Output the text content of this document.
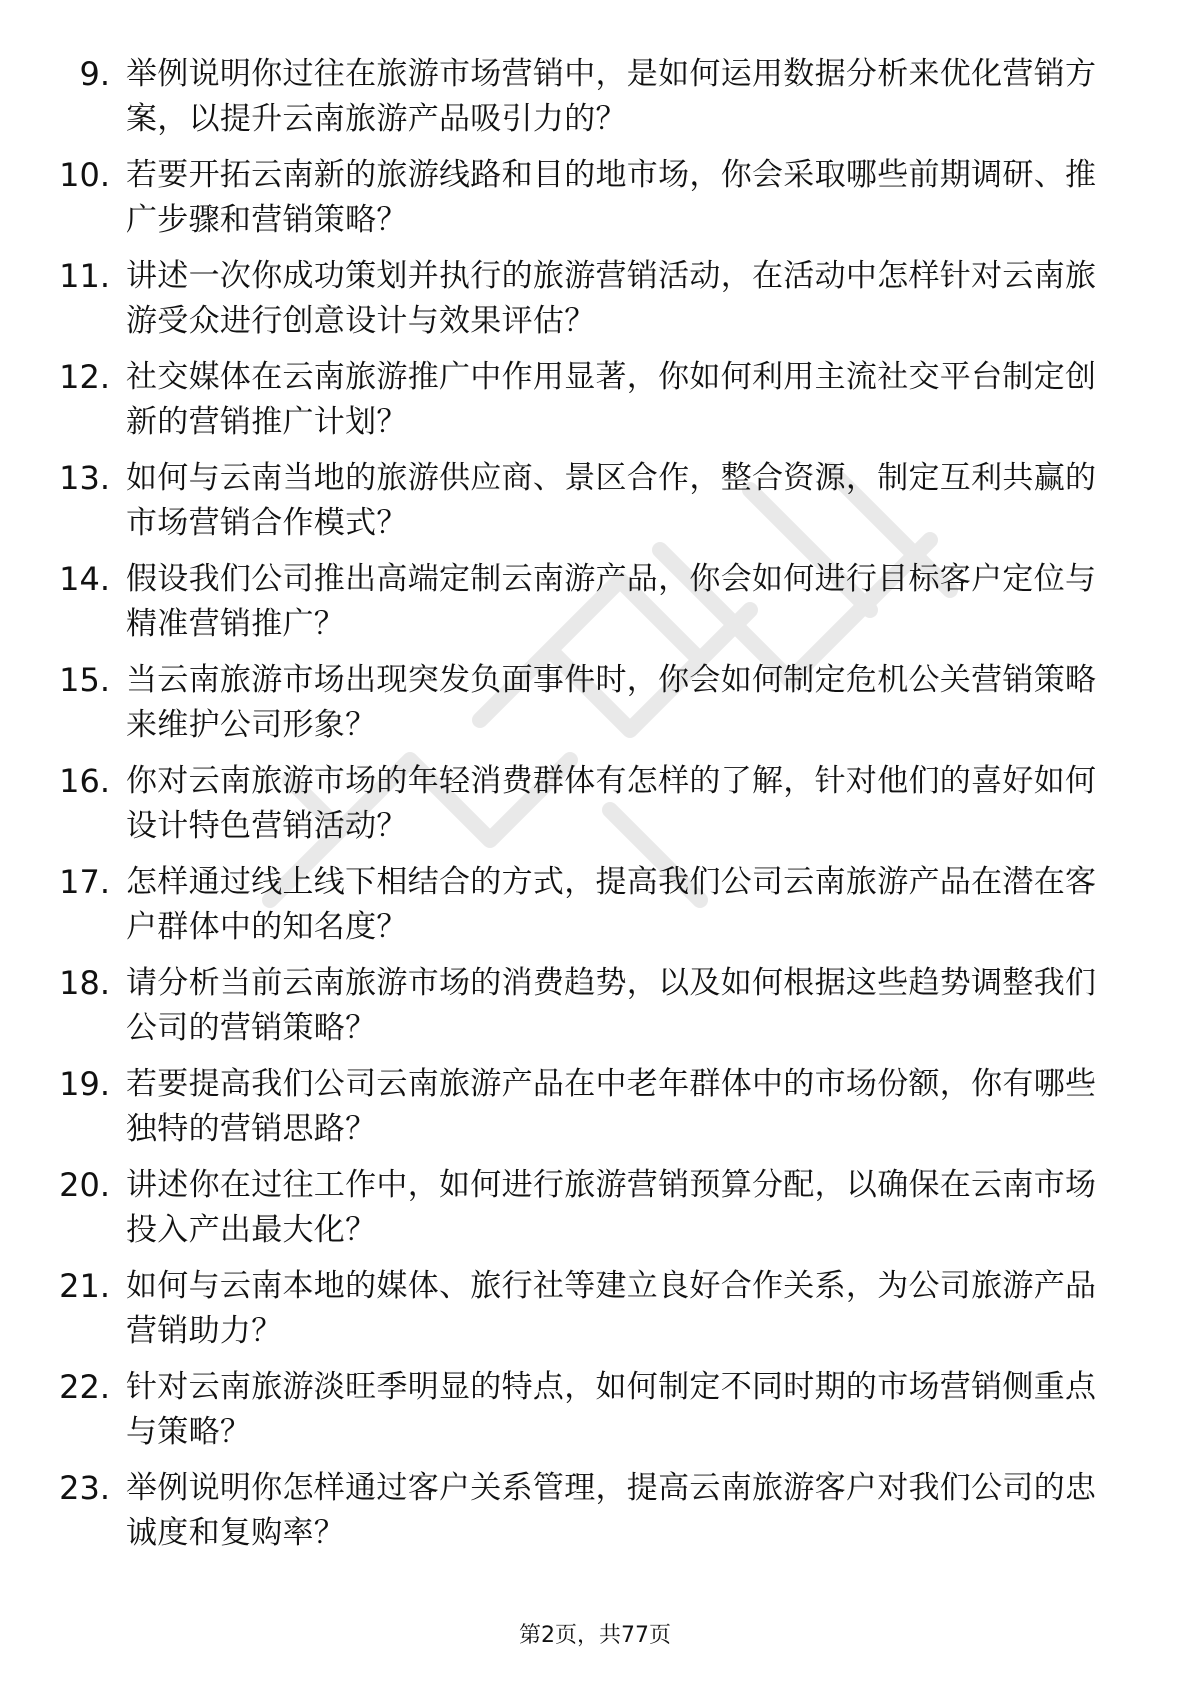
9. 举例说明你过往在旅游市场营销中，是如何运用数据分析来优化营销方案，以提升云南旅游产品吸引力的？
10. 若要开拓云南新的旅游线路和目的地市场，你会采取哪些前期调研、推广步骤和营销策略？
11. 讲述一次你成功策划并执行的旅游营销活动，在活动中怎样针对云南旅游受众进行创意设计与效果评估？
12. 社交媒体在云南旅游推广中作用显著，你如何利用主流社交平台制定创新的营销推广计划？
13. 如何与云南当地的旅游供应商、景区合作，整合资源，制定互利共赢的市场营销合作模式？
14. 假设我们公司推出高端定制云南游产品，你会如何进行目标客户定位与精准营销推广？
15. 当云南旅游市场出现突发负面事件时，你会如何制定危机公关营销策略来维护公司形象？
16. 你对云南旅游市场的年轻消费群体有怎样的了解，针对他们的喜好如何设计特色营销活动？
17. 怎样通过线上线下相结合的方式，提高我们公司云南旅游产品在潜在客户群体中的知名度？
18. 请分析当前云南旅游市场的消费趋势，以及如何根据这些趋势调整我们公司的营销策略？
19. 若要提高我们公司云南旅游产品在中老年群体中的市场份额，你有哪些独特的营销思路？
20. 讲述你在过往工作中，如何进行旅游营销预算分配，以确保在云南市场投入产出最大化？
21. 如何与云南本地的媒体、旅行社等建立良好合作关系，为公司旅游产品营销助力？
22. 针对云南旅游淡旺季明显的特点，如何制定不同时期的市场营销侧重点与策略？
23. 举例说明你怎样通过客户关系管理，提高云南旅游客户对我们公司的忠诚度和复购率？
第2页，共77页
